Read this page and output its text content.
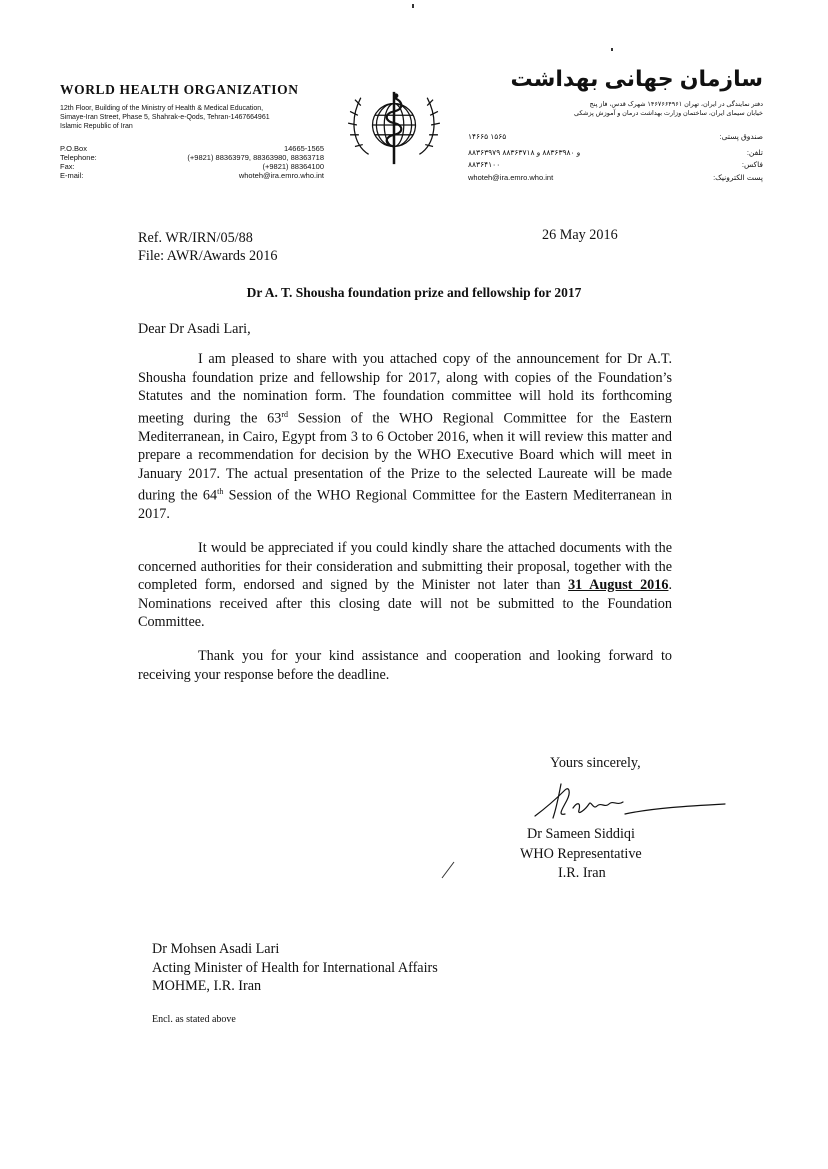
WORLD HEALTH ORGANIZATION
12th Floor, Building of the Ministry of Health & Medical Education,
Simaye-Iran Street, Phase 5, Shahrak-e-Qods, Tehran-1467664961
Islamic Republic of Iran
P.O.Box	14665-1565
Telephone:	(+9821) 88363979, 88363980, 88363718
Fax:	(+9821) 88364100
E-mail:	whoteh@ira.emro.who.int
سازمان جهانی بهداشت
دفتر نمایندگی در ایران، تهران ۱۴۶۷۶۶۴۹۶۱ شهرک قدس، فاز پنج
خیابان سیمای ایران، ساختمان وزارت بهداشت درمان و آموزش پزشکی
۱۴۶۶۵ ۱۵۶۵	صندوق پستی:
۸۸۳۶۳۹۷۹ و ۸۸۳۶۳۹۸۰ و ۸۸۳۶۳۷۱۸	تلفن:
۸۸۳۶۴۱۰۰	فاکس:
whoteh@ira.emro.who.int	پست الکترونیک:
Ref. WR/IRN/05/88
File: AWR/Awards 2016
26 May 2016
Dr A. T. Shousha foundation prize and fellowship for 2017
Dear Dr Asadi Lari,

I am pleased to share with you attached copy of the announcement for Dr A.T. Shousha foundation prize and fellowship for 2017, along with copies of the Foundation’s Statutes and the nomination form. The foundation committee will hold its forthcoming meeting during the 63rd Session of the WHO Regional Committee for the Eastern Mediterranean, in Cairo, Egypt from 3 to 6 October 2016, when it will review this matter and prepare a recommendation for decision by the WHO Executive Board which will meet in January 2017. The actual presentation of the Prize to the selected Laureate will be made during the 64th Session of the WHO Regional Committee for the Eastern Mediterranean in 2017.

It would be appreciated if you could kindly share the attached documents with the concerned authorities for their consideration and submitting their proposal, together with the completed form, endorsed and signed by the Minister not later than 31 August 2016. Nominations received after this closing date will not be submitted to the Foundation Committee.

Thank you for your kind assistance and cooperation and looking forward to receiving your response before the deadline.

Yours sincerely,
Dr Sameen Siddiqi
WHO Representative
I.R. Iran
Dr Mohsen Asadi Lari
Acting Minister of Health for International Affairs
MOHME, I.R. Iran
Encl. as stated above
